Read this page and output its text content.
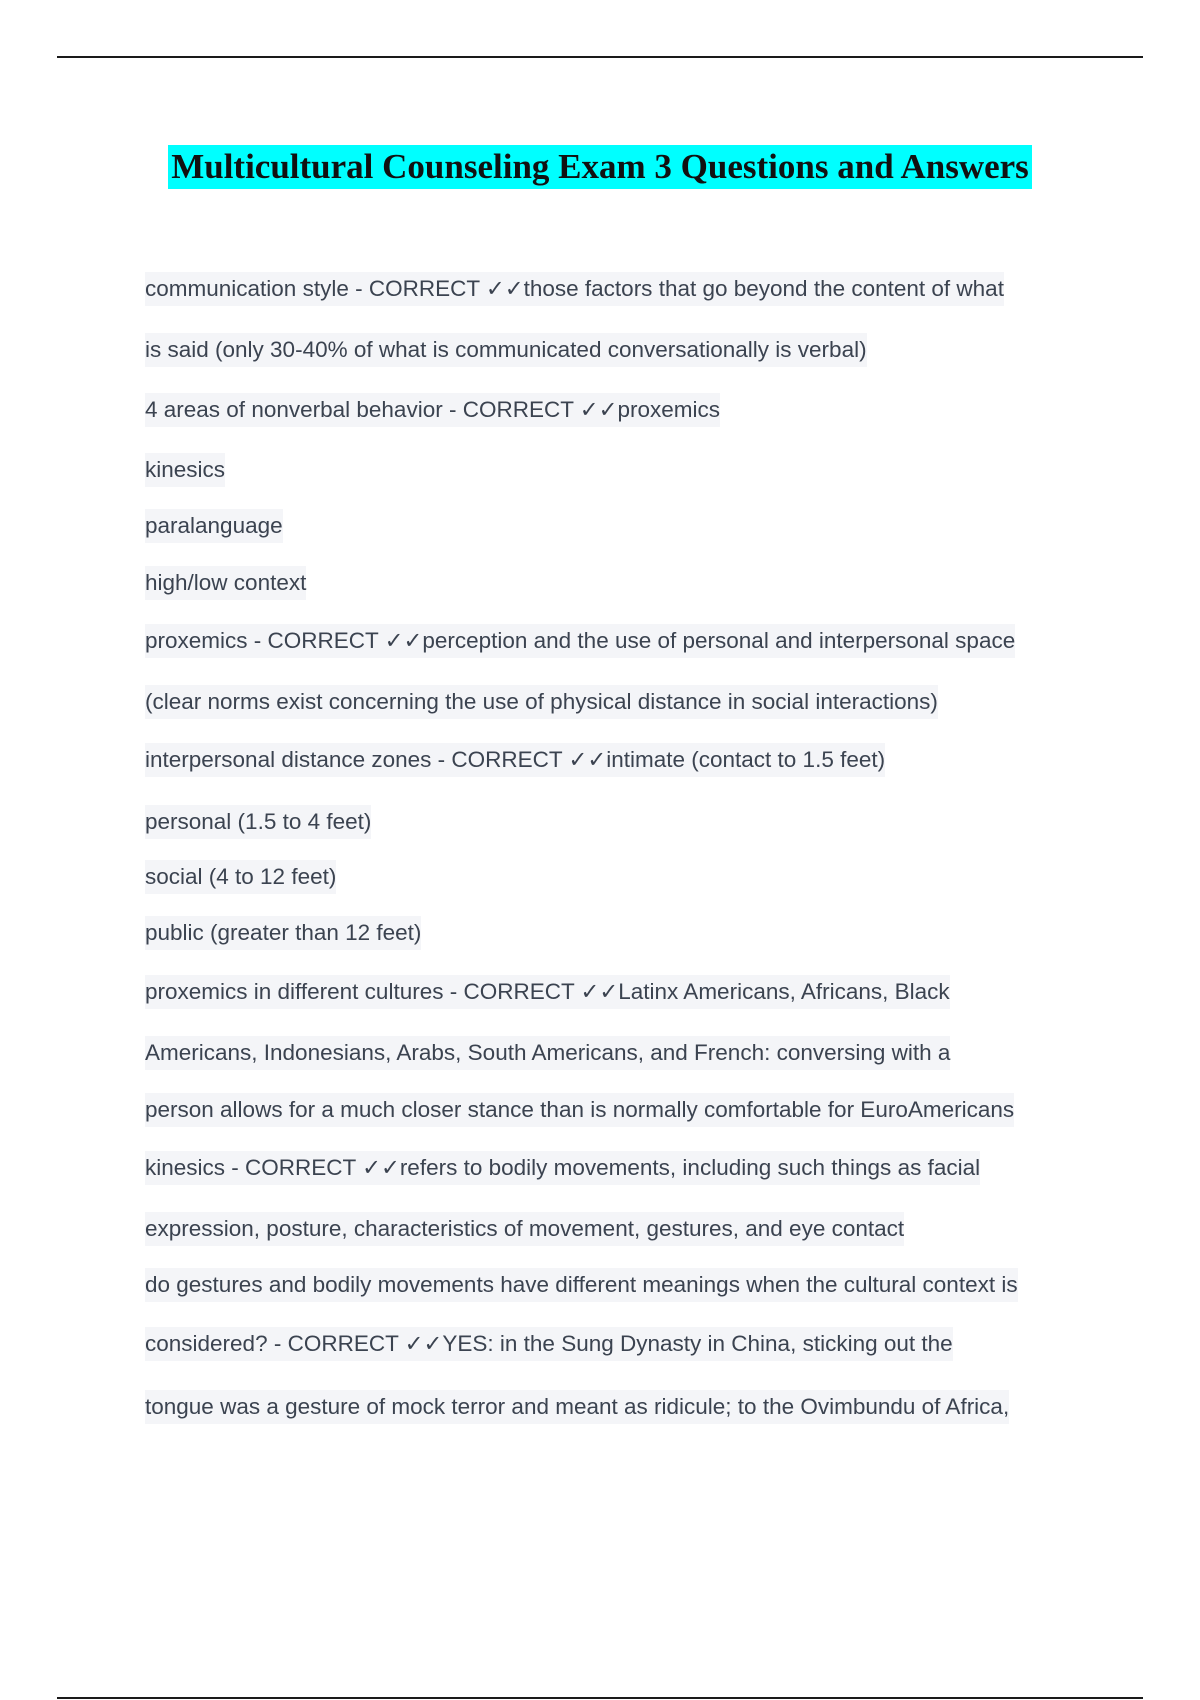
Multicultural Counseling Exam 3 Questions and Answers
communication style - CORRECT ✓✓those factors that go beyond the content of what
is said (only 30-40% of what is communicated conversationally is verbal)
4 areas of nonverbal behavior - CORRECT ✓✓proxemics
kinesics
paralanguage
high/low context
proxemics - CORRECT ✓✓perception and the use of personal and interpersonal space
(clear norms exist concerning the use of physical distance in social interactions)
interpersonal distance zones - CORRECT ✓✓intimate (contact to 1.5 feet)
personal (1.5 to 4 feet)
social (4 to 12 feet)
public (greater than 12 feet)
proxemics in different cultures - CORRECT ✓✓Latinx Americans, Africans, Black
Americans, Indonesians, Arabs, South Americans, and French: conversing with a
person allows for a much closer stance than is normally comfortable for EuroAmericans
kinesics - CORRECT ✓✓refers to bodily movements, including such things as facial
expression, posture, characteristics of movement, gestures, and eye contact
do gestures and bodily movements have different meanings when the cultural context is
considered? - CORRECT ✓✓YES: in the Sung Dynasty in China, sticking out the
tongue was a gesture of mock terror and meant as ridicule; to the Ovimbundu of Africa,
